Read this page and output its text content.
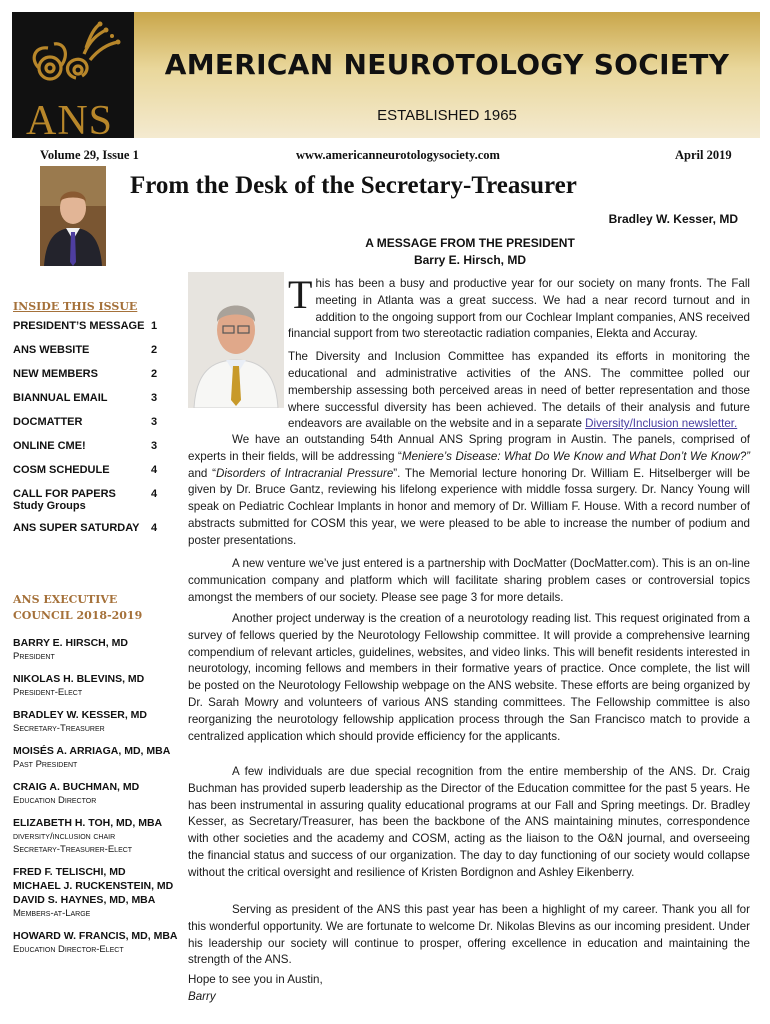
ANS
AMERICAN NEUROTOLOGY SOCIETY
ESTABLISHED 1965
Volume 29, Issue 1	www.americanneurotologysociety.com	April 2019
From the Desk of the Secretary-Treasurer
Bradley W. Kesser, MD
A MESSAGE FROM THE PRESIDENT
Barry E. Hirsch, MD
INSIDE THIS ISSUE
PRESIDENT’S MESSAGE 1
ANS WEBSITE	2
NEW MEMBERS	2
BIANNUAL EMAIL	3
DOCMATTER	3
ONLINE CME!	3
COSM SCHEDULE	4
CALL FOR PAPERS	4
Study Groups
ANS SUPER SATURDAY 4
ANS EXECUTIVE COUNCIL 2018-2019
BARRY E. HIRSCH, MD
President
NIKOLAS H. BLEVINS, MD
President-Elect
BRADLEY W. KESSER, MD
Secretary-Treasurer
MOISÉS A. ARRIAGA, MD, MBA
Past President
CRAIG A. BUCHMAN, MD
Education Director
ELIZABETH H. TOH, MD, MBA
diversity/inclusion chair
Secretary-Treasurer-Elect
FRED F. TELISCHI, MD
MICHAEL J. RUCKENSTEIN, MD
DAVID S. HAYNES, MD, MBA
Members-at-Large
HOWARD W. FRANCIS, MD, MBA
Education Director-Elect
This has been a busy and productive year for our society on many fronts. The Fall meeting in Atlanta was a great success. We had a near record turnout and in addition to the ongoing support from our Cochlear Implant companies, ANS received financial support from two stereotactic radiation companies, Elekta and Accuray.
The Diversity and Inclusion Committee has expanded its efforts in monitoring the educational and administrative activities of the ANS. The committee polled our membership assessing both perceived areas in need of better representation and those where successful diversity has been achieved. The details of their analysis and future endeavors are available on the website and in a separate Diversity/Inclusion newsletter.
We have an outstanding 54th Annual ANS Spring program in Austin. The panels, comprised of experts in their fields, will be addressing “Meniere’s Disease: What Do We Know and What Don’t We Know?” and “Disorders of Intracranial Pressure”. The Memorial lecture honoring Dr. William E. Hitselberger will be given by Dr. Bruce Gantz, reviewing his lifelong experience with middle fossa surgery. Dr. Nancy Young will speak on Pediatric Cochlear Implants in honor and memory of Dr. William F. House. With a record number of abstracts submitted for COSM this year, we were pleased to be able to increase the number of podium and poster presentations.
A new venture we’ve just entered is a partnership with DocMatter (DocMatter.com). This is an on-line communication company and platform which will facilitate sharing problem cases or controversial topics amongst the members of our society. Please see page 3 for more details.
Another project underway is the creation of a neurotology reading list. This request originated from a survey of fellows queried by the Neurotology Fellowship committee. It will provide a comprehensive learning compendium of relevant articles, guidelines, websites, and video links. This will benefit residents interested in neurotology, incoming fellows and members in their formative years of practice. Once complete, the list will be posted on the Neurotology Fellowship webpage on the ANS website. These efforts are being organized by Dr. Sarah Mowry and volunteers of various ANS standing committees. The Fellowship committee is also reorganizing the neurotology fellowship application process through the San Francisco match to provide a centralized application which should provide efficiency for the applicants.
A few individuals are due special recognition from the entire membership of the ANS. Dr. Craig Buchman has provided superb leadership as the Director of the Education committee for the past 5 years. He has been instrumental in assuring quality educational programs at our Fall and Spring meetings. Dr. Bradley Kesser, as Secretary/Treasurer, has been the backbone of the ANS maintaining minutes, correspondence with other societies and the academy and COSM, acting as the liaison to the O&N journal, and overseeing the financial status and success of our organization. The day to day functioning of our society would collapse without the critical oversight and resilience of Kristen Bordignon and Ashley Eikenberry.
Serving as president of the ANS this past year has been a highlight of my career. Thank you all for this wonderful opportunity. We are fortunate to welcome Dr. Nikolas Blevins as our incoming president. Under his leadership our society will continue to prosper, offering excellence in education and maintaining the strength of the ANS.
Hope to see you in Austin,
Barry
